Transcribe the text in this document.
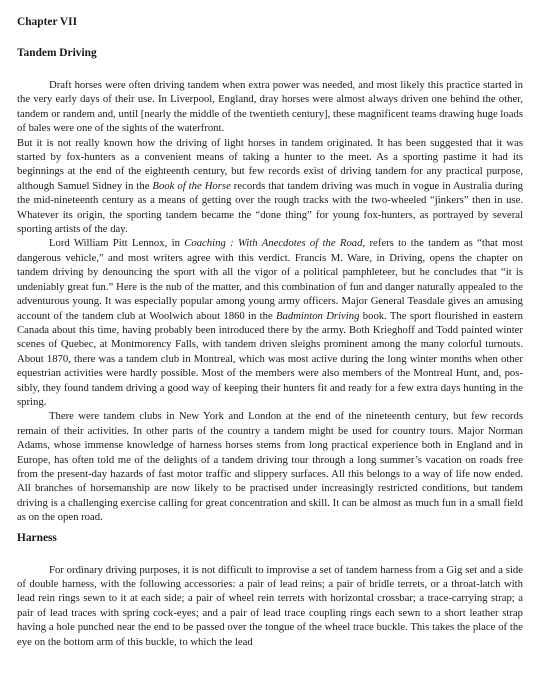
Chapter VII
Tandem Driving

Draft horses were often driving tandem when extra power was needed, and most likely this practice started in the very early days of their use. In Liverpool, England, dray horses were almost always driven one behind the other, tandem or randem and, until [nearly the middle of the twentieth century], these magnificent teams drawing huge loads of bales were one of the sights of the waterfront.

But it is not really known how the driving of light horses in tandem originated. It has been suggested that it was started by fox-hunters as a convenient means of taking a hunter to the meet. As a sporting pastime it had its beginnings at the end of the eighteenth century, but few records exist of driving tandem for any practical purpose, although Samuel Sidney in the Book of the Horse records that tandem driving was much in vogue in Australia during the mid-nineteenth century as a means of getting over the rough tracks with the two-wheeled “jinkers” then in use. Whatever its origin, the sporting tandem became the “done thing” for young fox-hunters, as portrayed by several sporting artists of the day.

Lord William Pitt Lennox, in Coaching : With Anecdotes of the Road, refers to the tandem as “that most dangerous vehicle,” and most writers agree with this verdict. Francis M. Ware, in Driving, opens the chapter on tandem driving by denouncing the sport with all the vigor of a political pamphleteer, but he concludes that “it is undeniably great fun.” Here is the nub of the matter, and this combination of fun and danger naturally appealed to the adventurous young. It was especially popular among young army officers. Major General Teasdale gives an amusing account of the tandem club at Woolwich about 1860 in the Badminton Driving book. The sport flourished in eastern Canada about this time, having probably been introduced there by the army. Both Krieghoff and Todd painted winter scenes of Quebec, at Montmorency Falls, with tandem driven sleighs prominent among the many colorful turnouts. About 1870, there was a tandem club in Montreal, which was most active during the long winter months when other equestrian activities were hardly possible. Most of the members were also members of the Montreal Hunt, and, possibly, they found tandem driving a good way of keeping their hunters fit and ready for a few extra days hunting in the spring.

There were tandem clubs in New York and London at the end of the nineteenth century, but few records remain of their activities. In other parts of the country a tandem might be used for country tours. Major Norman Adams, whose immense knowledge of harness horses stems from long practical experience both in England and in Europe, has often told me of the delights of a tandem driving tour through a long summer’s vacation on roads free from the present-day hazards of fast motor traffic and slippery surfaces. All this belongs to a way of life now ended. All branches of horsemanship are now likely to be practised under increasingly restricted conditions, but tandem driving is a challenging exercise calling for great concentration and skill. It can be almost as much fun in a small field as on the open road.

Harness

For ordinary driving purposes, it is not difficult to improvise a set of tandem harness from a Gig set and a side of double harness, with the following accessories: a pair of lead reins; a pair of bridle terrets, or a throat-latch with lead rein rings sewn to it at each side; a pair of wheel rein terrets with horizontal crossbar; a trace-carrying strap; a pair of lead traces with spring cock-eyes; and a pair of lead trace coupling rings each sewn to a short leather strap having a hole punched near the end to be passed over the tongue of the wheel trace buckle. This takes the place of the eye on the bottom arm of this buckle, to which the lead
